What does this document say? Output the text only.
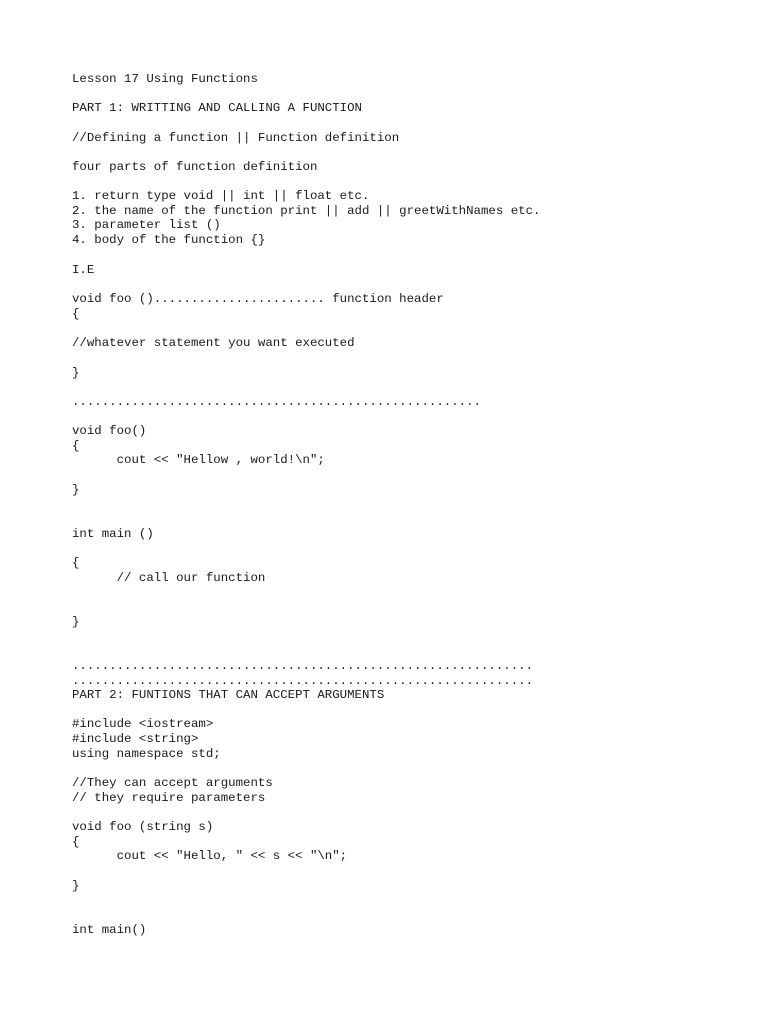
Lesson 17 Using Functions

PART 1: WRITTING AND CALLING A FUNCTION

//Defining a function || Function definition

four parts of function definition

1. return type void || int || float etc.

2. the name of the function print || add || greetWithNames etc.

3. parameter list ()

4. body of the function {}

I.E

void foo ()....................... function header

{

//whatever statement you want executed

}

.......................................................

void foo()

{

cout << "Hellow , world!\n";

}

int main ()

{

// call our function

}

..............................................................

..............................................................

PART 2: FUNTIONS THAT CAN ACCEPT ARGUMENTS

#include <iostream>

#include <string>

using namespace std;

//They can accept arguments

// they require parameters

void foo (string s)

{

cout << "Hello, " << s << "\n";

}

int main()
